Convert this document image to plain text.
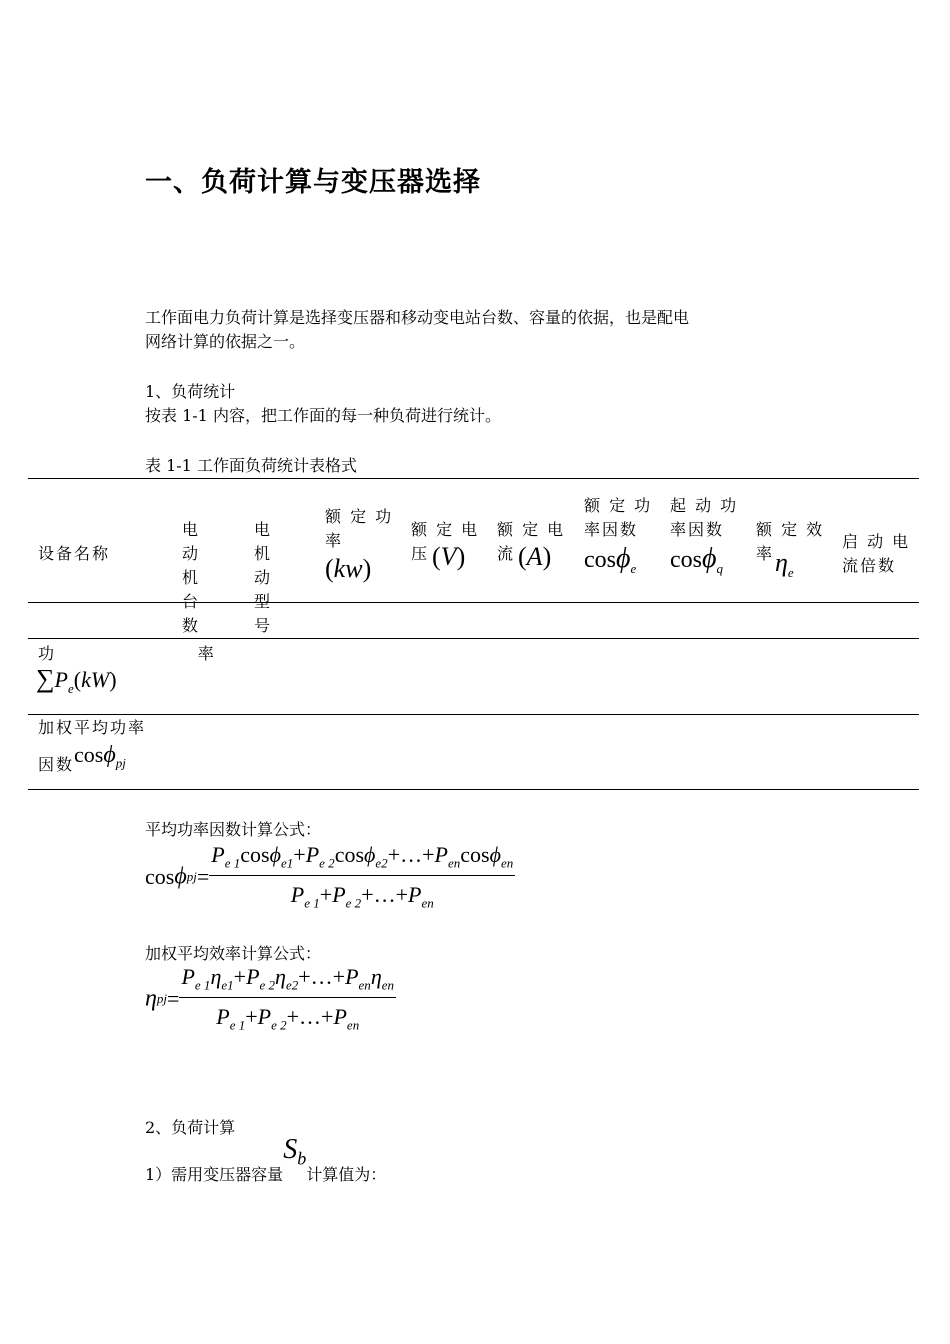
一、负荷计算与变压器选择
工作面电力负荷计算是选择变压器和移动变电站台数、容量的依据，也是配电
网络计算的依据之一。
1、负荷统计
按表 1-1 内容，把工作面的每一种负荷进行统计。
表 1-1 工作面负荷统计表格式
设备名称
电 动 机 台 数
电 机 动 型 号
额 定 功 率
(kw)
额 定 电 压 (V)
额 定 电 流 (A)
额 定 功 率因数
cosϕ$_e$
起 动 功 率因数
cosϕ$_q$
额 定 效 率 $\eta_e$
启 动 电 流倍数
功                    率
$\sum P_e(kW)$
加权平均功率
因数cosϕ$_{pj}$
平均功率因数计算公式：
$\cos\phi pj= \frac{P_{e 1}\cos\phi_{e1}+P_{e 2}\cos\phi_{e2}+\dots+P_{en}\cos\phi_{en}}{P_{e 1}+P_{e 2}+\dots+P_{en}}$
加权平均效率计算公式：
$\eta pj= \frac{P_{e 1}\eta_{e1}+P_{e 2}\eta_{e2}+\dots+P_{en}\eta_{en}}{P_{e 1}+P_{e 2}+\dots+P_{en}}$
2、负荷计算
1）需用变压器容量$S_b$计算值为：
